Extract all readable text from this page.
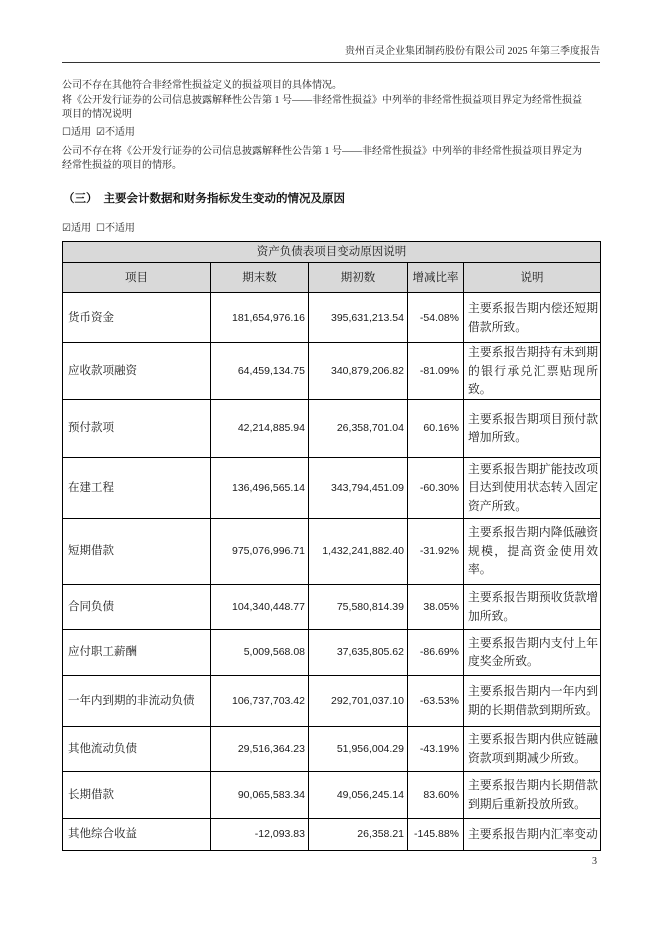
贵州百灵企业集团制药股份有限公司 2025 年第三季度报告
公司不存在其他符合非经常性损益定义的损益项目的具体情况。
将《公开发行证券的公司信息披露解释性公告第 1 号——非经常性损益》中列举的非经常性损益项目界定为经常性损益
项目的情况说明
☐适用 ☑不适用
公司不存在将《公开发行证券的公司信息披露解释性公告第 1 号——非经常性损益》中列举的非经常性损益项目界定为
经常性损益的项目的情形。
（三） 主要会计数据和财务指标发生变动的情况及原因
☑适用 ☐不适用
资产负债表项目变动原因说明				
项目	期末数	期初数	增减比率	说明
货币资金	181,654,976.16	395,631,213.54	-54.08%	主要系报告期内偿还短期借款所致。
应收款项融资	64,459,134.75	340,879,206.82	-81.09%	主要系报告期持有未到期的银行承兑汇票贴现所致。
预付款项	42,214,885.94	26,358,701.04	60.16%	主要系报告期项目预付款增加所致。
在建工程	136,496,565.14	343,794,451.09	-60.30%	主要系报告期扩能技改项目达到使用状态转入固定资产所致。
短期借款	975,076,996.71	1,432,241,882.40	-31.92%	主要系报告期内降低融资规模，提高资金使用效率。
合同负债	104,340,448.77	75,580,814.39	38.05%	主要系报告期预收货款增加所致。
应付职工薪酬	5,009,568.08	37,635,805.62	-86.69%	主要系报告期内支付上年度奖金所致。
一年内到期的非流动负债	106,737,703.42	292,701,037.10	-63.53%	主要系报告期内一年内到期的长期借款到期所致。
其他流动负债	29,516,364.23	51,956,004.29	-43.19%	主要系报告期内供应链融资款项到期减少所致。
长期借款	90,065,583.34	49,056,245.14	83.60%	主要系报告期内长期借款到期后重新投放所致。
其他综合收益	-12,093.83	26,358.21	-145.88%	主要系报告期内汇率变动
3
